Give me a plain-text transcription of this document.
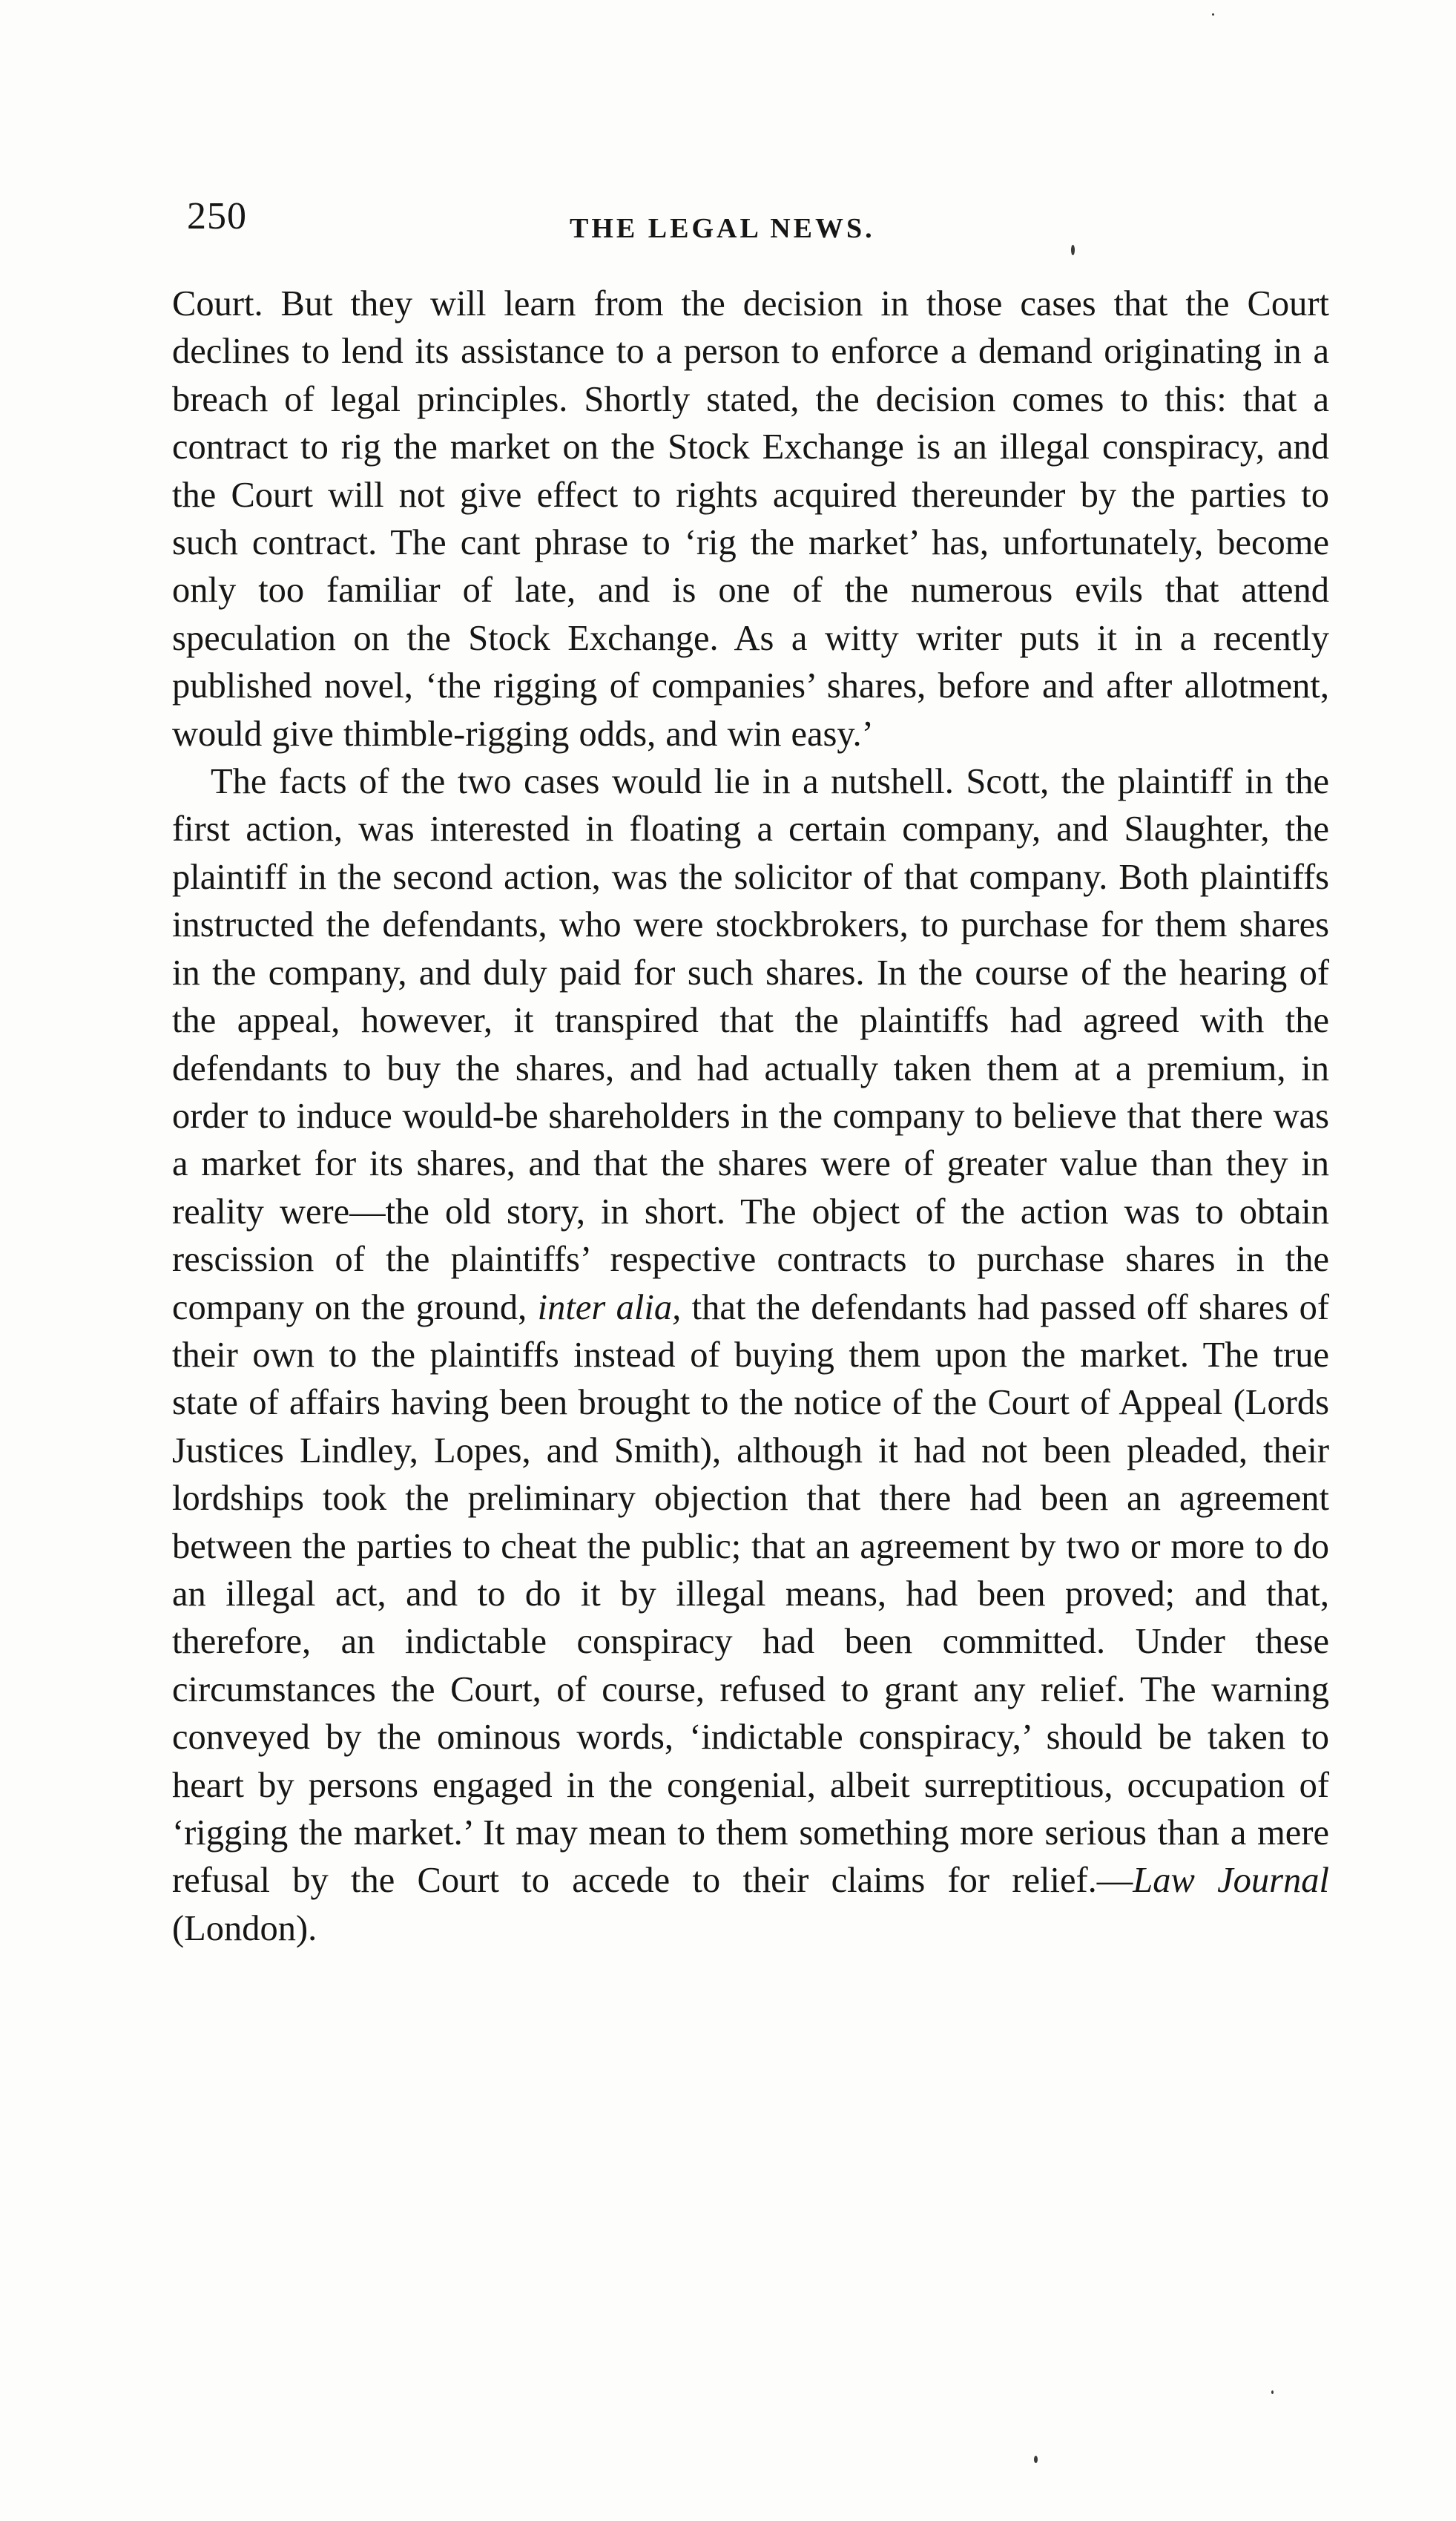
250	THE LEGAL NEWS.

Court. But they will learn from the decision in those cases that the Court declines to lend its assistance to a person to enforce a demand originating in a breach of legal principles. Shortly stated, the decision comes to this: that a contract to rig the market on the Stock Exchange is an illegal conspiracy, and the Court will not give effect to rights acquired thereunder by the parties to such contract. The cant phrase to ‘rig the market’ has, unfortunately, become only too familiar of late, and is one of the numerous evils that attend speculation on the Stock Exchange. As a witty writer puts it in a recently published novel, ‘the rigging of companies’ shares, before and after allotment, would give thimble-rigging odds, and win easy.’

The facts of the two cases would lie in a nutshell. Scott, the plaintiff in the first action, was interested in floating a certain company, and Slaughter, the plaintiff in the second action, was the solicitor of that company. Both plaintiffs instructed the defendants, who were stockbrokers, to purchase for them shares in the company, and duly paid for such shares. In the course of the hearing of the appeal, however, it transpired that the plaintiffs had agreed with the defendants to buy the shares, and had actually taken them at a premium, in order to induce would-be shareholders in the company to believe that there was a market for its shares, and that the shares were of greater value than they in reality were—the old story, in short. The object of the action was to obtain rescission of the plaintiffs’ respective contracts to purchase shares in the company on the ground, inter alia, that the defendants had passed off shares of their own to the plaintiffs instead of buying them upon the market. The true state of affairs having been brought to the notice of the Court of Appeal (Lords Justices Lindley, Lopes, and Smith), although it had not been pleaded, their lordships took the preliminary objection that there had been an agreement between the parties to cheat the public; that an agreement by two or more to do an illegal act, and to do it by illegal means, had been proved; and that, therefore, an indictable conspiracy had been committed. Under these circumstances the Court, of course, refused to grant any relief. The warning conveyed by the ominous words, ‘indictable conspiracy,’ should be taken to heart by persons engaged in the congenial, albeit surreptitious, occupation of ‘rigging the market.’ It may mean to them something more serious than a mere refusal by the Court to accede to their claims for relief.—Law Journal (London).
